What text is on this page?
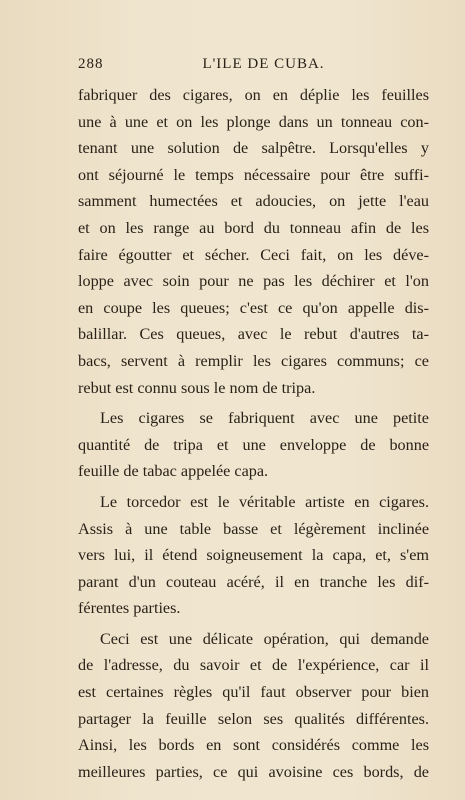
288	L'ILE DE CUBA.
fabriquer des cigares, on en déplie les feuilles
une à une et on les plonge dans un tonneau con-
tenant une solution de salpêtre. Lorsqu'elles y
ont séjourné le temps nécessaire pour être suffi-
samment humectées et adoucies, on jette l'eau
et on les range au bord du tonneau afin de les
faire égoutter et sécher. Ceci fait, on les déve-
loppe avec soin pour ne pas les déchirer et l'on
en coupe les queues; c'est ce qu'on appelle dis-
balillar. Ces queues, avec le rebut d'autres ta-
bacs, servent à remplir les cigares communs; ce
rebut est connu sous le nom de tripa.
Les cigares se fabriquent avec une petite
quantité de tripa et une enveloppe de bonne
feuille de tabac appelée capa.
Le torcedor est le véritable artiste en cigares.
Assis à une table basse et légèrement inclinée
vers lui, il étend soigneusement la capa, et, s'em
parant d'un couteau acéré, il en tranche les dif-
férentes parties.
Ceci est une délicate opération, qui demande
de l'adresse, du savoir et de l'expérience, car il
est certaines règles qu'il faut observer pour bien
partager la feuille selon ses qualités différentes.
Ainsi, les bords en sont considérés comme les
meilleures parties, ce qui avoisine ces bords, de
